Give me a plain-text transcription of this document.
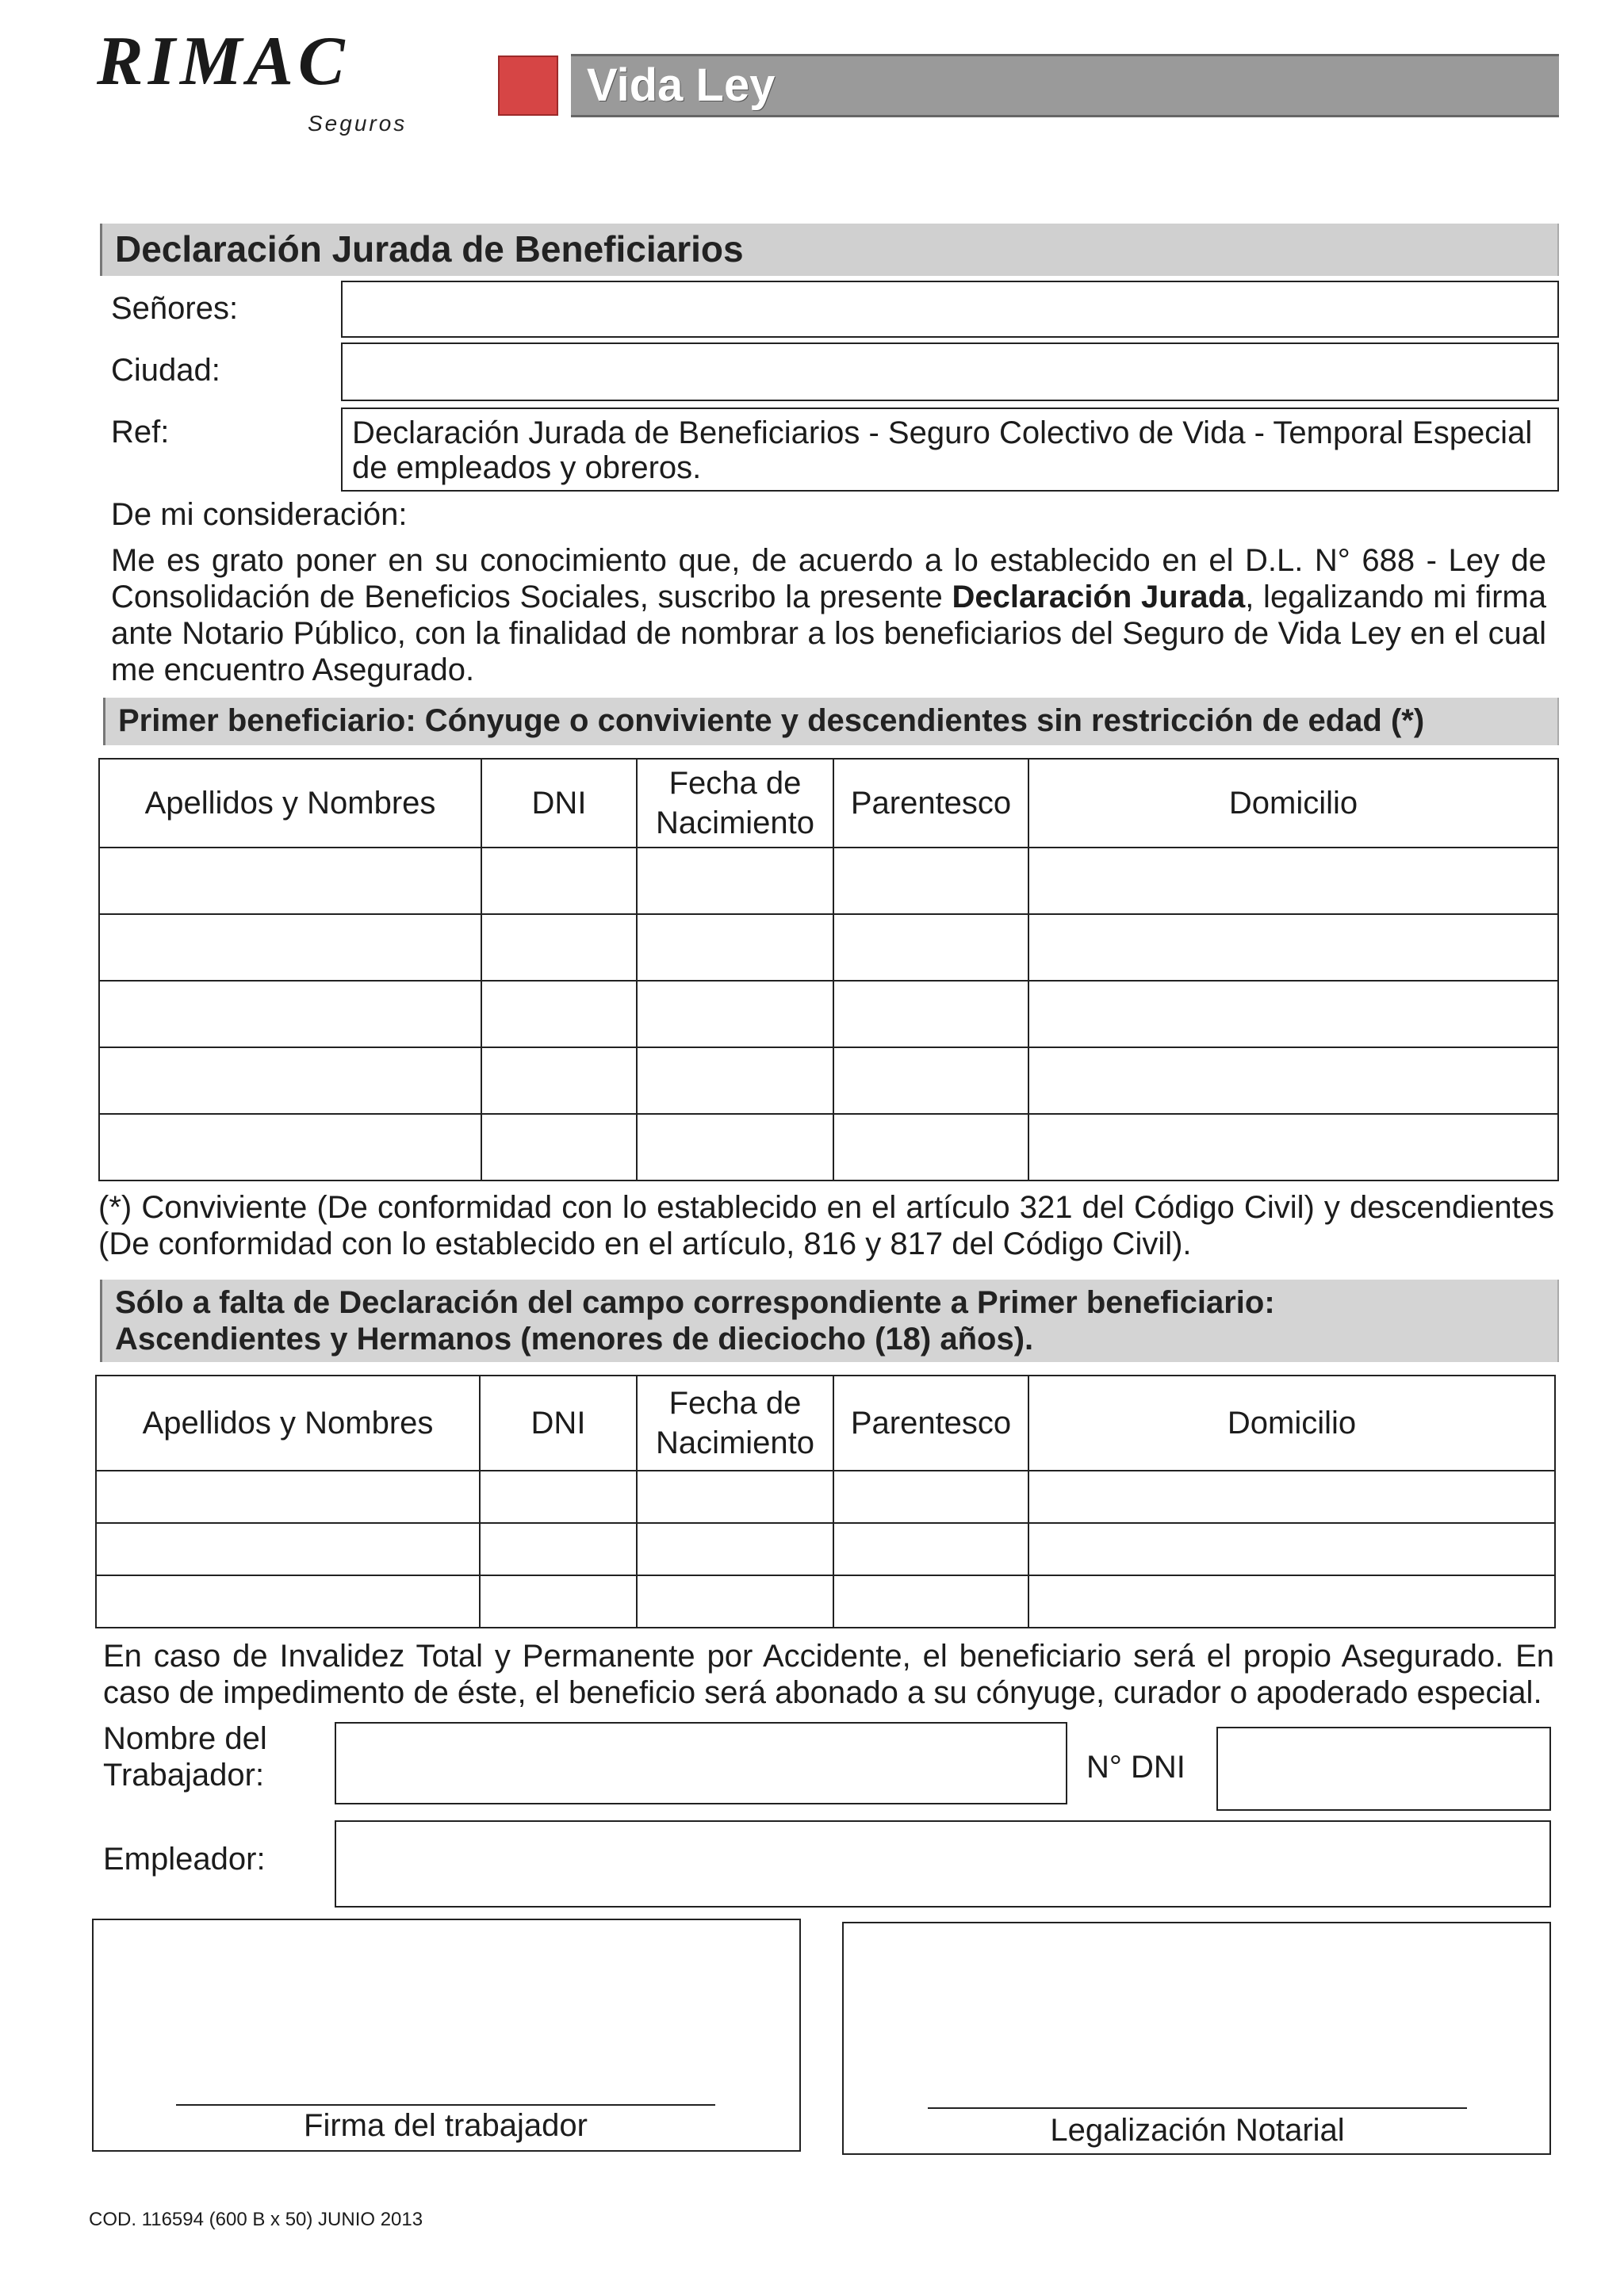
RIMAC
Seguros
Vida Ley
Declaración Jurada de Beneficiarios
Señores:
Ciudad:
Ref:	Declaración Jurada de Beneficiarios - Seguro Colectivo de Vida - Temporal Especial
de empleados y obreros.
De mi consideración:
Me es grato poner en su conocimiento que, de acuerdo a lo establecido en el D.L. N° 688 - Ley de Consolidación de Beneficios Sociales, suscribo la presente Declaración Jurada, legalizando mi firma ante Notario Público, con la finalidad de nombrar a los beneficiarios del Seguro de Vida Ley en el cual me encuentro Asegurado.
Primer beneficiario: Cónyuge o conviviente y descendientes sin restricción de edad (*)
Apellidos y Nombres	DNI	Fecha de Nacimiento	Parentesco	Domicilio

(*) Conviviente (De conformidad con lo establecido en el artículo 321 del Código Civil) y descendientes (De conformidad con lo establecido en el artículo, 816 y 817 del Código Civil).
Sólo a falta de Declaración del campo correspondiente a Primer beneficiario:
Ascendientes y Hermanos (menores de dieciocho (18) años).
Apellidos y Nombres	DNI	Fecha de Nacimiento	Parentesco	Domicilio

En caso de Invalidez Total y Permanente por Accidente, el beneficiario será el propio Asegurado. En caso de impedimento de éste, el beneficio será abonado a su cónyuge, curador o apoderado especial.
Nombre del
Trabajador:	N° DNI
Empleador:
Firma del trabajador	Legalización Notarial
COD. 116594 (600 B x 50) JUNIO 2013
